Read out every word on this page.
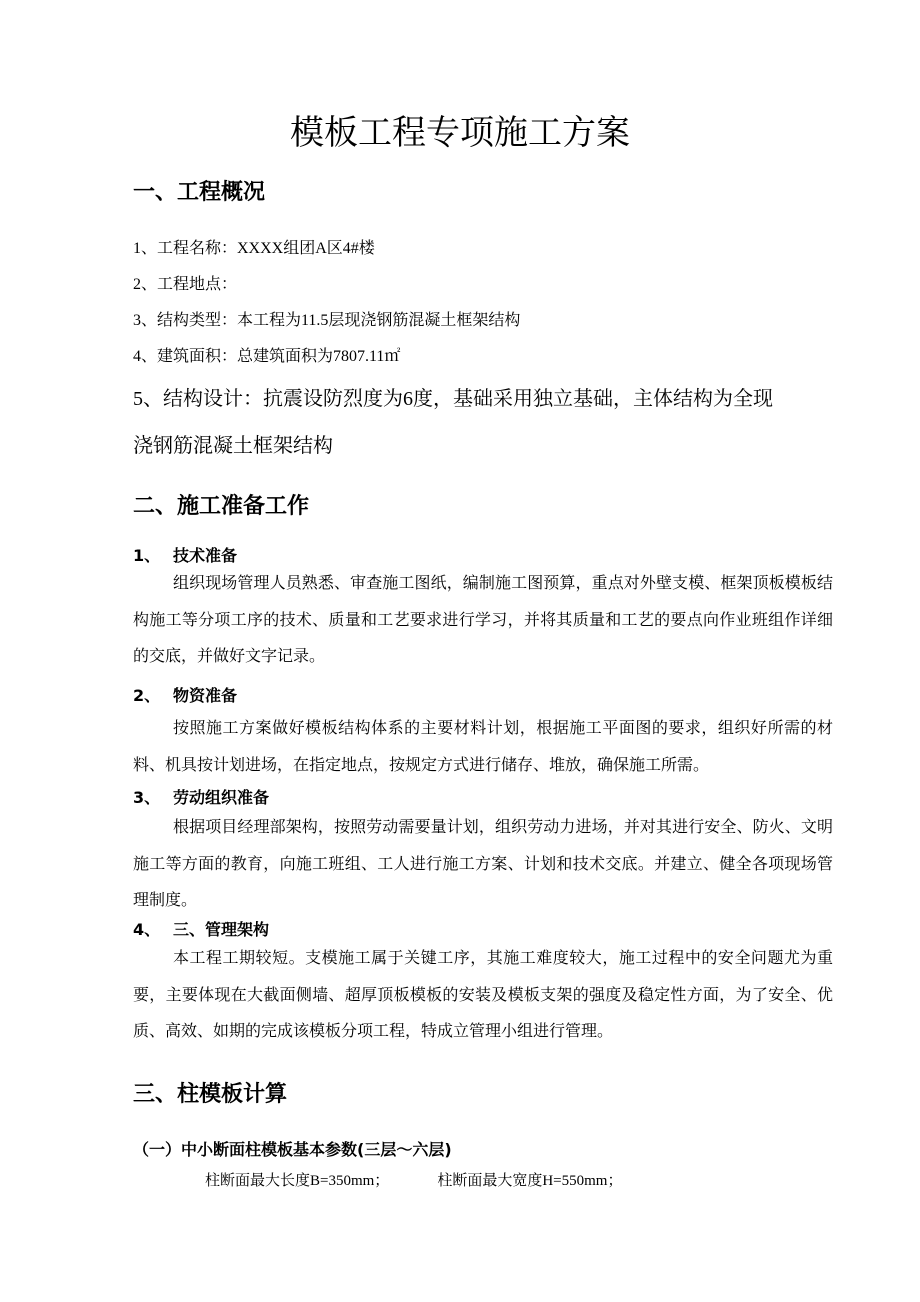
模板工程专项施工方案
一、工程概况

1、工程名称：XXXX组团A区4#楼

2、工程地点：

3、结构类型：本工程为11.5层现浇钢筋混凝土框架结构

4、建筑面积：总建筑面积为7807.11㎡

5、结构设计：抗震设防烈度为6度，基础采用独立基础，主体结构为全现

浇钢筋混凝土框架结构

二、施工准备工作
1、 技术准备

组织现场管理人员熟悉、审查施工图纸，编制施工图预算，重点对外壁支模、框架顶板模板结构施工等分项工序的技术、质量和工艺要求进行学习，并将其质量和工艺的要点向作业班组作详细的交底，并做好文字记录。

2、 物资准备

按照施工方案做好模板结构体系的主要材料计划，根据施工平面图的要求，组织好所需的材料、机具按计划进场，在指定地点，按规定方式进行储存、堆放，确保施工所需。

3、 劳动组织准备

根据项目经理部架构，按照劳动需要量计划，组织劳动力进场，并对其进行安全、防火、文明施工等方面的教育，向施工班组、工人进行施工方案、计划和技术交底。并建立、健全各项现场管理制度。

4、 三、管理架构

本工程工期较短。支模施工属于关键工序，其施工难度较大，施工过程中的安全问题尤为重要，主要体现在大截面侧墙、超厚顶板模板的安装及模板支架的强度及稳定性方面，为了安全、优质、高效、如期的完成该模板分项工程，特成立管理小组进行管理。

三、柱模板计算
（一）中小断面柱模板基本参数(三层～六层)
柱断面最大长度B=350mm；	柱断面最大宽度H=550mm；
